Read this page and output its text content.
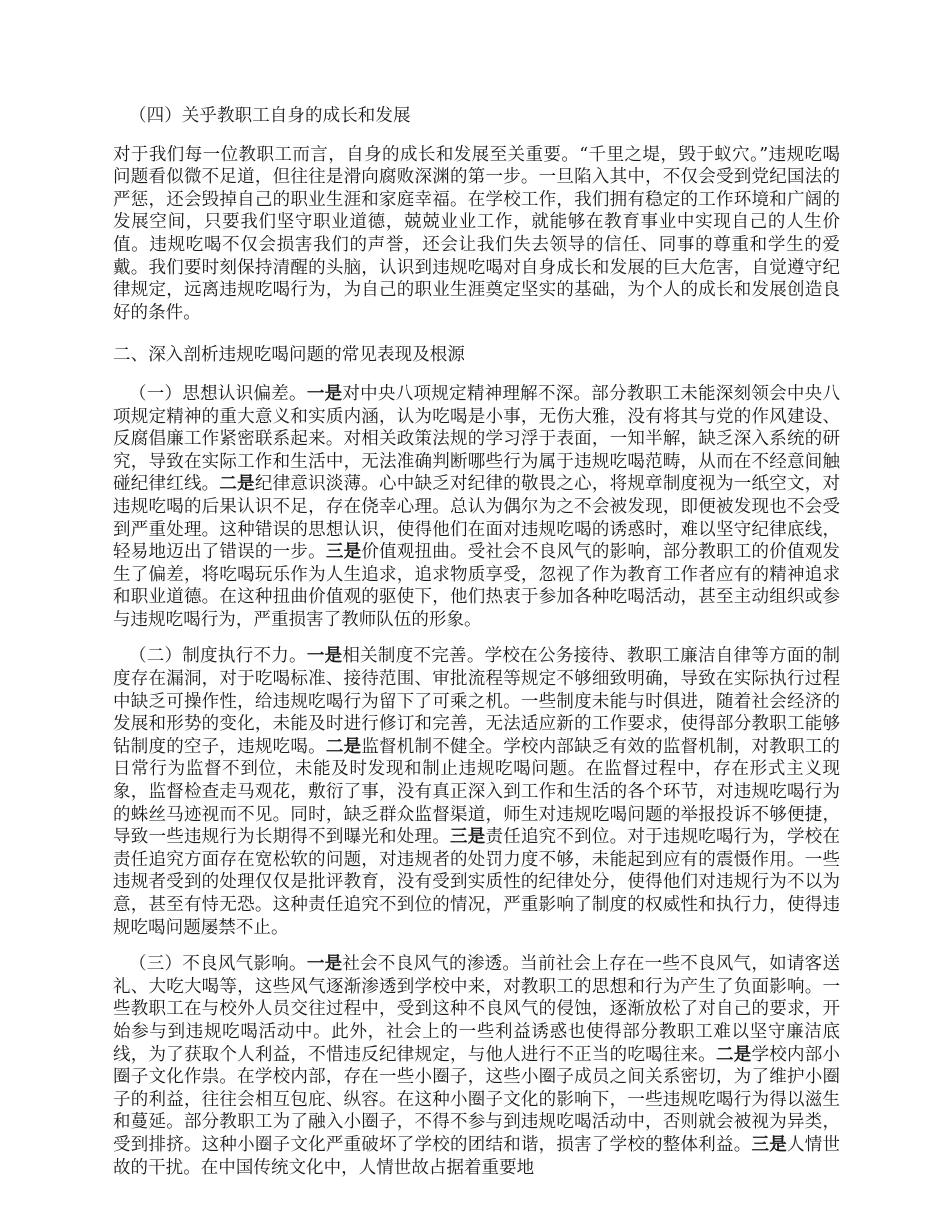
（四）关乎教职工自身的成长和发展

对于我们每一位教职工而言，自身的成长和发展至关重要。“千里之堤，毁于蚁穴。”违规吃喝问题看似微不足道，但往往是滑向腐败深渊的第一步。一旦陷入其中，不仅会受到党纪国法的严惩，还会毁掉自己的职业生涯和家庭幸福。在学校工作，我们拥有稳定的工作环境和广阔的发展空间，只要我们坚守职业道德，兢兢业业工作，就能够在教育事业中实现自己的人生价值。违规吃喝不仅会损害我们的声誉，还会让我们失去领导的信任、同事的尊重和学生的爱戴。我们要时刻保持清醒的头脑，认识到违规吃喝对自身成长和发展的巨大危害，自觉遵守纪律规定，远离违规吃喝行为，为自己的职业生涯奠定坚实的基础，为个人的成长和发展创造良好的条件。

二、深入剖析违规吃喝问题的常见表现及根源

（一）思想认识偏差。一是对中央八项规定精神理解不深。部分教职工未能深刻领会中央八项规定精神的重大意义和实质内涵，认为吃喝是小事，无伤大雅，没有将其与党的作风建设、反腐倡廉工作紧密联系起来。对相关政策法规的学习浮于表面，一知半解，缺乏深入系统的研究，导致在实际工作和生活中，无法准确判断哪些行为属于违规吃喝范畴，从而在不经意间触碰纪律红线。二是纪律意识淡薄。心中缺乏对纪律的敬畏之心，将规章制度视为一纸空文，对违规吃喝的后果认识不足，存在侥幸心理。总认为偶尔为之不会被发现，即便被发现也不会受到严重处理。这种错误的思想认识，使得他们在面对违规吃喝的诱惑时，难以坚守纪律底线，轻易地迈出了错误的一步。三是价值观扭曲。受社会不良风气的影响，部分教职工的价值观发生了偏差，将吃喝玩乐作为人生追求，追求物质享受，忽视了作为教育工作者应有的精神追求和职业道德。在这种扭曲价值观的驱使下，他们热衷于参加各种吃喝活动，甚至主动组织或参与违规吃喝行为，严重损害了教师队伍的形象。

（二）制度执行不力。一是相关制度不完善。学校在公务接待、教职工廉洁自律等方面的制度存在漏洞，对于吃喝标准、接待范围、审批流程等规定不够细致明确，导致在实际执行过程中缺乏可操作性，给违规吃喝行为留下了可乘之机。一些制度未能与时俱进，随着社会经济的发展和形势的变化，未能及时进行修订和完善，无法适应新的工作要求，使得部分教职工能够钻制度的空子，违规吃喝。二是监督机制不健全。学校内部缺乏有效的监督机制，对教职工的日常行为监督不到位，未能及时发现和制止违规吃喝问题。在监督过程中，存在形式主义现象，监督检查走马观花，敷衍了事，没有真正深入到工作和生活的各个环节，对违规吃喝行为的蛛丝马迹视而不见。同时，缺乏群众监督渠道，师生对违规吃喝问题的举报投诉不够便捷，导致一些违规行为长期得不到曝光和处理。三是责任追究不到位。对于违规吃喝行为，学校在责任追究方面存在宽松软的问题，对违规者的处罚力度不够，未能起到应有的震慑作用。一些违规者受到的处理仅仅是批评教育，没有受到实质性的纪律处分，使得他们对违规行为不以为意，甚至有恃无恐。这种责任追究不到位的情况，严重影响了制度的权威性和执行力，使得违规吃喝问题屡禁不止。

（三）不良风气影响。一是社会不良风气的渗透。当前社会上存在一些不良风气，如请客送礼、大吃大喝等，这些风气逐渐渗透到学校中来，对教职工的思想和行为产生了负面影响。一些教职工在与校外人员交往过程中，受到这种不良风气的侵蚀，逐渐放松了对自己的要求，开始参与到违规吃喝活动中。此外，社会上的一些利益诱惑也使得部分教职工难以坚守廉洁底线，为了获取个人利益，不惜违反纪律规定，与他人进行不正当的吃喝往来。二是学校内部小圈子文化作祟。在学校内部，存在一些小圈子，这些小圈子成员之间关系密切，为了维护小圈子的利益，往往会相互包庇、纵容。在这种小圈子文化的影响下，一些违规吃喝行为得以滋生和蔓延。部分教职工为了融入小圈子，不得不参与到违规吃喝活动中，否则就会被视为异类，受到排挤。这种小圈子文化严重破坏了学校的团结和谐，损害了学校的整体利益。三是人情世故的干扰。在中国传统文化中，人情世故占据着重要地
